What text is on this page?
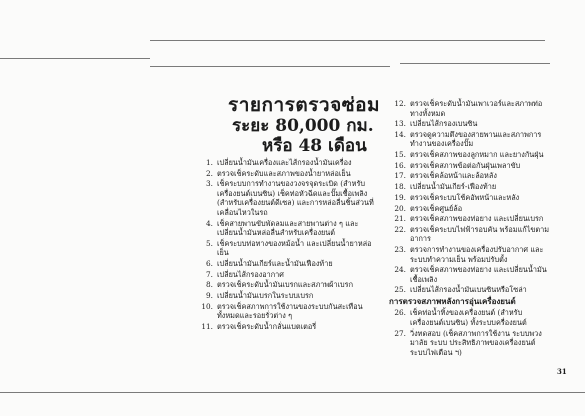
รายการตรวจซ่อม
ระยะ 80,000 กม.
หรือ 48 เดือน
1. เปลี่ยนน้ำมันเครื่องและไส้กรองน้ำมันเครื่อง
2. ตรวจเช็คระดับและสภาพของน้ำยาหล่อเย็น
3. เช็คระบบการทำงานของวงจรจุดระเบิด (สำหรับเครื่องยนต์เบนซิน) เช็คท่อหัวฉีดและปั๊มเชื้อเพลิง (สำหรับเครื่องยนต์ดีเซล) และการหล่อลื่นชิ้นส่วนที่เคลื่อนไหวในรถ
4. เช็คสายพานขับพัดลมและสายพานต่าง ๆ และเปลี่ยนน้ำมันหล่อลื่นสำหรับเครื่องยนต์
5. เช็คระบบท่อทางของหม้อน้ำ และเปลี่ยนน้ำยาหล่อเย็น
6. เปลี่ยนน้ำมันเกียร์และน้ำมันเฟืองท้าย
7. เปลี่ยนไส้กรองอากาศ
8. ตรวจเช็คระดับน้ำมันเบรกและสภาพผ้าเบรก
9. เปลี่ยนน้ำมันเบรกในระบบเบรก
10. ตรวจเช็คสภาพการใช้งานของระบบกันสะเทือนทั้งหมดและรอยรั่วต่าง ๆ
11. ตรวจเช็คระดับน้ำกลั่นแบตเตอรี่
12. ตรวจเช็คระดับน้ำมันเพาเวอร์และสภาพท่อทางทั้งหมด
13. เปลี่ยนไส้กรองเบนซิน
14. ตรวจดูความตึงของสายพานและสภาพการทำงานของเครื่องปั๊ม
15. ตรวจเช็คสภาพของลูกหมาก และยางกันฝุ่น
16. ตรวจเช็คสภาพข้อต่อกันฝุ่นเพลาขับ
17. ตรวจเช็คล้อหน้าและล้อหลัง
18. เปลี่ยนน้ำมันเกียร์-เฟืองท้าย
19. ตรวจเช็คระบบโช้คอัพหน้าและหลัง
20. ตรวจเช็คศูนย์ล้อ
21. ตรวจเช็คสภาพของท่อยาง และเปลี่ยนเบรก
22. ตรวจเช็คระบบไฟฟ้ารอบคัน พร้อมแก้ไขตามอาการ
23. ตรวจการทำงานของเครื่องปรับอากาศ และระบบทำความเย็น พร้อมปรับตั้ง
24. ตรวจเช็คสภาพของท่อยาง และเปลี่ยนน้ำมันเชื้อเพลิง
25. เปลี่ยนไส้กรองน้ำมันเบนซินหรือโซล่า
การตรวจสภาพหลังการอุ่นเครื่องยนต์
26. เช็คท่อน้ำทิ้งของเครื่องยนต์ (สำหรับเครื่องยนต์เบนซิน) ทั้งระบบครื่องยนต์
27. วิ่งทดสอบ (เช็คสภาพการใช้งาน ระบบพวงมาลัย ระบบ ประสิทธิภาพของเครื่องยนต์ ระบบไฟเตือน ฯ)
31
